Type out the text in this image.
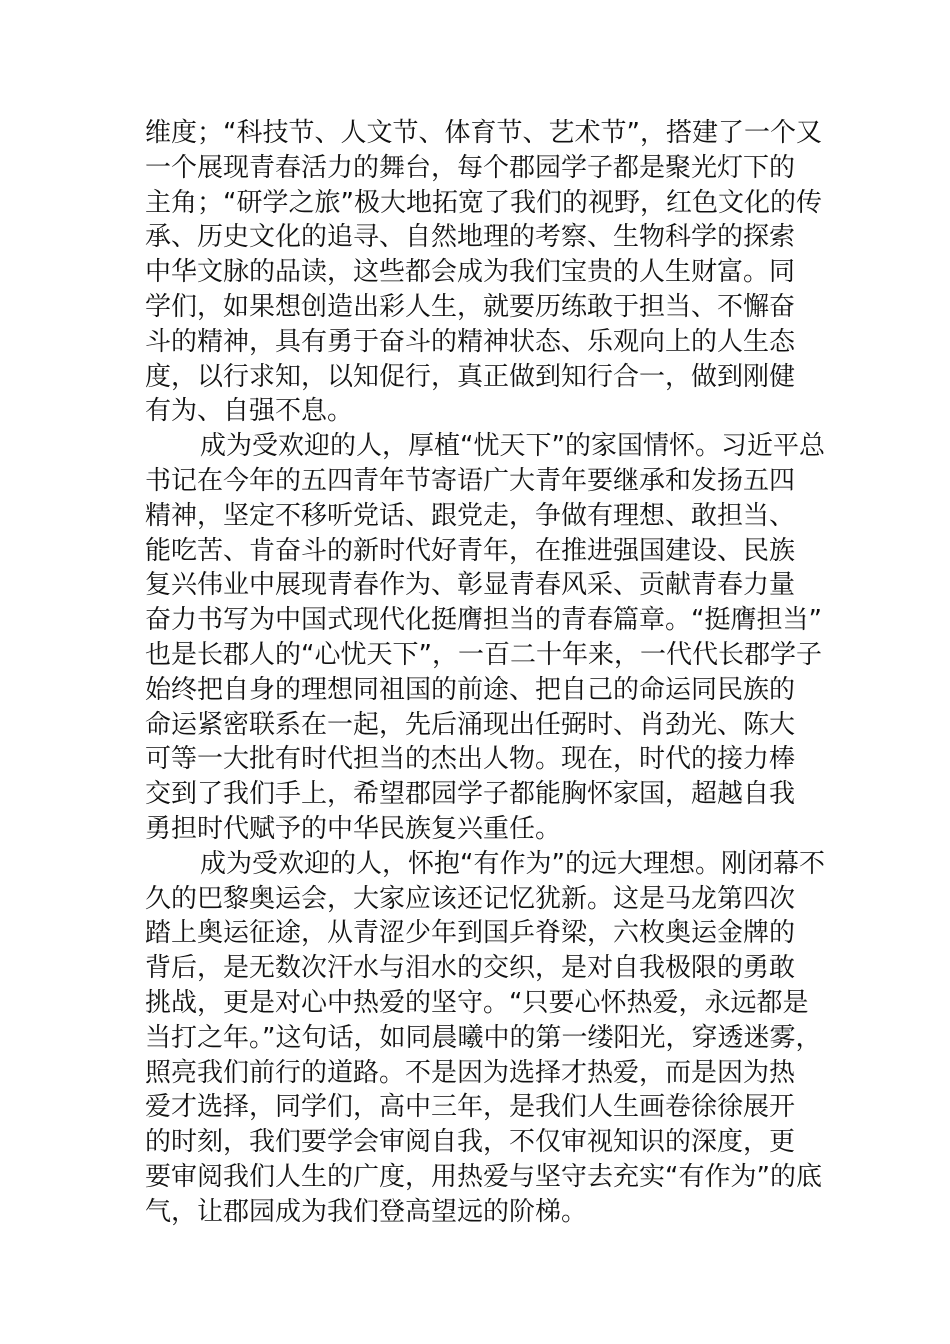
维度；“科技节、人文节、体育节、艺术节”，搭建了一个又
一个展现青春活力的舞台，每个郡园学子都是聚光灯下的
主角；“研学之旅”极大地拓宽了我们的视野，红色文化的传
承、历史文化的追寻、自然地理的考察、生物科学的探索
中华文脉的品读，这些都会成为我们宝贵的人生财富。同
学们，如果想创造出彩人生，就要历练敢于担当、不懈奋
斗的精神，具有勇于奋斗的精神状态、乐观向上的人生态
度，以行求知，以知促行，真正做到知行合一，做到刚健
有为、自强不息。
成为受欢迎的人，厚植“忧天下”的家国情怀。习近平总
书记在今年的五四青年节寄语广大青年要继承和发扬五四
精神，坚定不移听党话、跟党走，争做有理想、敢担当、
能吃苦、肯奋斗的新时代好青年，在推进强国建设、民族
复兴伟业中展现青春作为、彰显青春风采、贡献青春力量
奋力书写为中国式现代化挺膺担当的青春篇章。“挺膺担当”
也是长郡人的“心忧天下”，一百二十年来，一代代长郡学子
始终把自身的理想同祖国的前途、把自己的命运同民族的
命运紧密联系在一起，先后涌现出任弼时、肖劲光、陈大
可等一大批有时代担当的杰出人物。现在，时代的接力棒
交到了我们手上，希望郡园学子都能胸怀家国，超越自我
勇担时代赋予的中华民族复兴重任。
成为受欢迎的人，怀抱“有作为”的远大理想。刚闭幕不
久的巴黎奥运会，大家应该还记忆犹新。这是马龙第四次
踏上奥运征途，从青涩少年到国乒脊梁，六枚奥运金牌的
背后，是无数次汗水与泪水的交织，是对自我极限的勇敢
挑战，更是对心中热爱的坚守。“只要心怀热爱，永远都是
当打之年。”这句话，如同晨曦中的第一缕阳光，穿透迷雾，
照亮我们前行的道路。不是因为选择才热爱，而是因为热
爱才选择，同学们，高中三年，是我们人生画卷徐徐展开
的时刻，我们要学会审阅自我，不仅审视知识的深度，更
要审阅我们人生的广度，用热爱与坚守去充实“有作为”的底
气，让郡园成为我们登高望远的阶梯。
